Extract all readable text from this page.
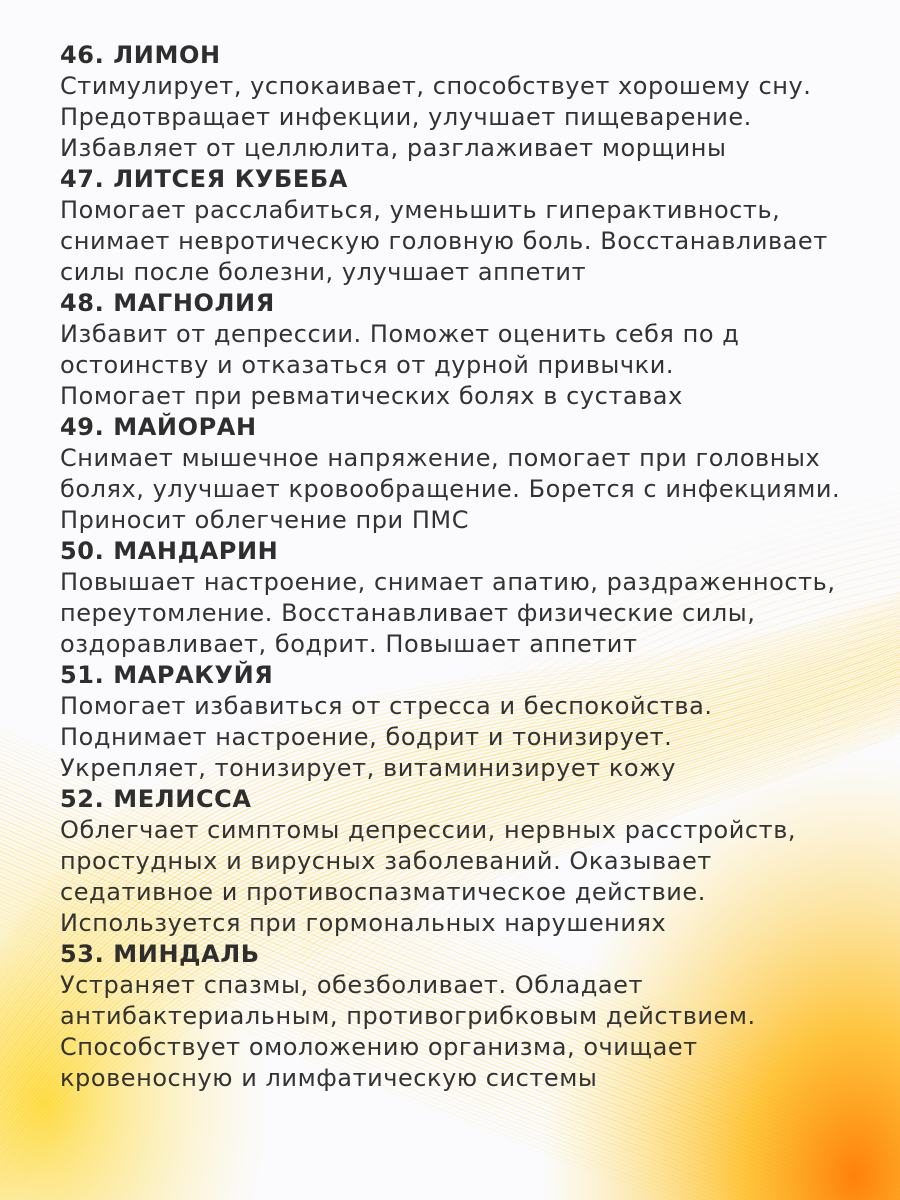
46. ЛИМОН

Стимулирует, успокаивает, способствует хорошему сну.

Предотвращает инфекции, улучшает пищеварение.

Избавляет от целлюлита, разглаживает морщины

47. ЛИТСЕЯ КУБЕБА

Помогает расслабиться, уменьшить гиперактивность,

снимает невротическую головную боль. Восстанавливает

силы после болезни, улучшает аппетит

48. МАГНОЛИЯ

Избавит от депрессии. Поможет оценить себя по д

остоинству и отказаться от дурной привычки.

Помогает при ревматических болях в суставах

49. МАЙОРАН

Снимает мышечное напряжение, помогает при головных

болях, улучшает кровообращение. Борется с инфекциями.

Приносит облегчение при ПМС

50. МАНДАРИН

Повышает настроение, снимает апатию, раздраженность,

переутомление. Восстанавливает физические силы,

оздоравливает, бодрит. Повышает аппетит

51. МАРАКУЙЯ

Помогает избавиться от стресса и беспокойства.

Поднимает настроение, бодрит и тонизирует.

Укрепляет, тонизирует, витаминизирует кожу

52. МЕЛИССА

Облегчает симптомы депрессии, нервных расстройств,

простудных и вирусных заболеваний. Оказывает

седативное и противоспазматическое действие.

Используется при гормональных нарушениях

53. МИНДАЛЬ

Устраняет спазмы, обезболивает. Обладает

антибактериальным, противогрибковым действием.

Способствует омоложению организма, очищает

кровеносную и лимфатическую системы
